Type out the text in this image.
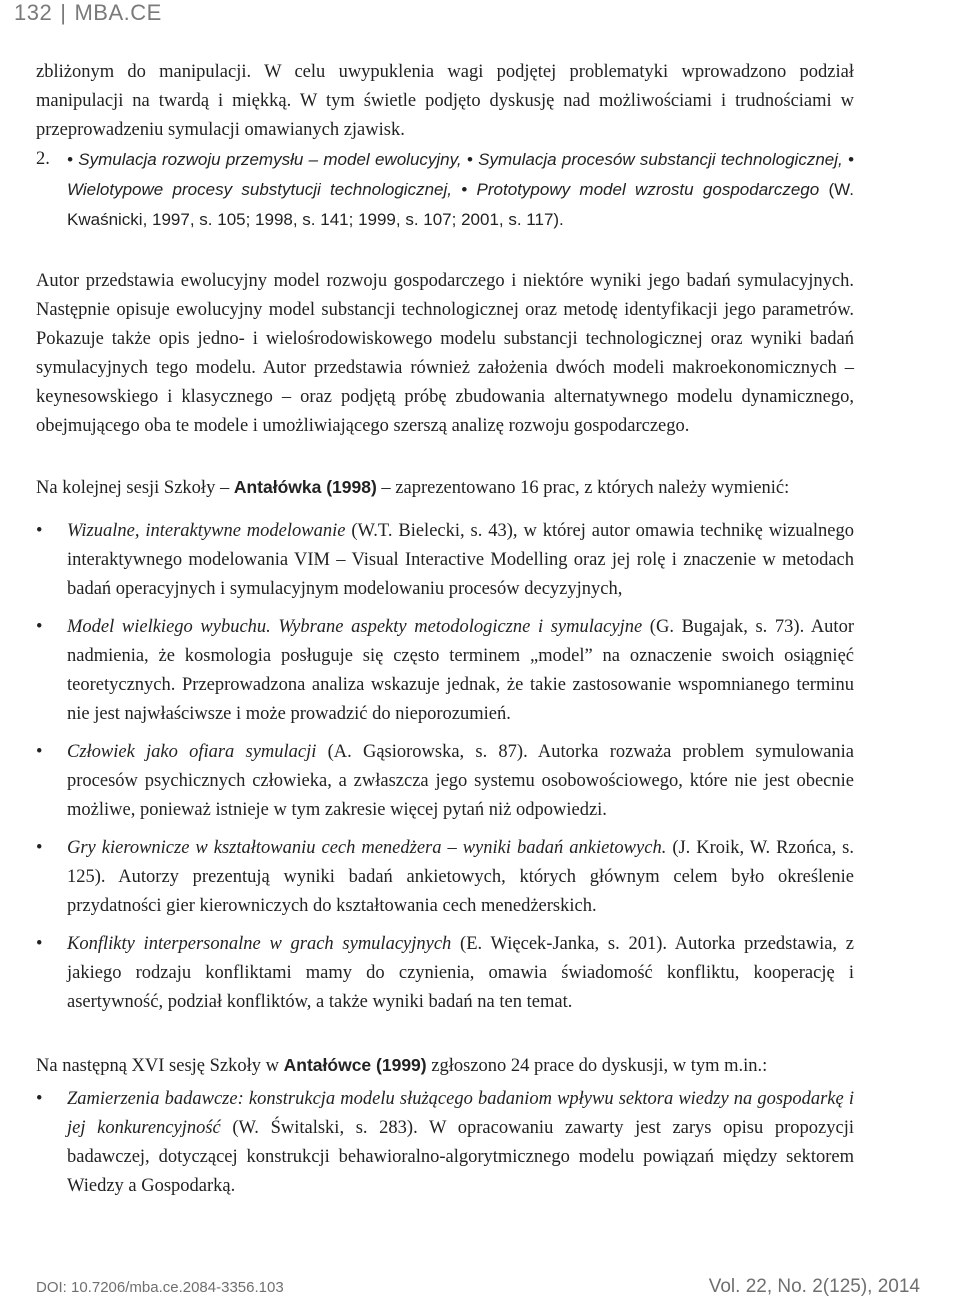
132 | MBA.CE

zbliżonym do manipulacji. W celu uwypuklenia wagi podjętej problematyki wprowadzono podział manipulacji na twardą i miękką. W tym świetle podjęto dyskusję nad możliwościami i trudnościami w przeprowadzeniu symulacji omawianych zjawisk.

2.	• Symulacja rozwoju przemysłu – model ewolucyjny, • Symulacja procesów substancji technologicznej, • Wielotypowe procesy substytucji technologicznej, • Prototypowy model wzrostu gospodarczego (W. Kwaśnicki, 1997, s. 105; 1998, s. 141; 1999, s. 107; 2001, s. 117).

Autor przedstawia ewolucyjny model rozwoju gospodarczego i niektóre wyniki jego badań symulacyjnych. Następnie opisuje ewolucyjny model substancji technologicznej oraz metodę identyfikacji jego parametrów. Pokazuje także opis jedno- i wielośrodowiskowego modelu substancji technologicznej oraz wyniki badań symulacyjnych tego modelu. Autor przedstawia również założenia dwóch modeli makroekonomicznych – keynesowskiego i klasycznego – oraz podjętą próbę zbudowania alternatywnego modelu dynamicznego, obejmującego oba te modele i umożliwiającego szerszą analizę rozwoju gospodarczego.

Na kolejnej sesji Szkoły – Antałówka (1998) – zaprezentowano 16 prac, z których należy wymienić:

•	Wizualne, interaktywne modelowanie (W.T. Bielecki, s. 43), w której autor omawia technikę wizualnego interaktywnego modelowania VIM – Visual Interactive Modelling oraz jej rolę i znaczenie w metodach badań operacyjnych i symulacyjnym modelowaniu procesów decyzyjnych,

•	Model wielkiego wybuchu. Wybrane aspekty metodologiczne i symulacyjne (G. Bugajak, s. 73). Autor nadmienia, że kosmologia posługuje się często terminem „model” na oznaczenie swoich osiągnięć teoretycznych. Przeprowadzona analiza wskazuje jednak, że takie zastosowanie wspomnianego terminu nie jest najwłaściwsze i może prowadzić do nieporozumień.

•	Człowiek jako ofiara symulacji (A. Gąsiorowska, s. 87). Autorka rozważa problem symulowania procesów psychicznych człowieka, a zwłaszcza jego systemu osobowościowego, które nie jest obecnie możliwe, ponieważ istnieje w tym zakresie więcej pytań niż odpowiedzi.

•	Gry kierownicze w kształtowaniu cech menedżera – wyniki badań ankietowych. (J. Kroik, W. Rzońca, s. 125). Autorzy prezentują wyniki badań ankietowych, których głównym celem było określenie przydatności gier kierowniczych do kształtowania cech menedżerskich.

•	Konflikty interpersonalne w grach symulacyjnych (E. Więcek-Janka, s. 201). Autorka przedstawia, z jakiego rodzaju konfliktami mamy do czynienia, omawia świadomość konfliktu, kooperację i asertywność, podział konfliktów, a także wyniki badań na ten temat.

Na następną XVI sesję Szkoły w Antałówce (1999) zgłoszono 24 prace do dyskusji, w tym m.in.:

•	Zamierzenia badawcze: konstrukcja modelu służącego badaniom wpływu sektora wiedzy na gospodarkę i jej konkurencyjność (W. Świtalski, s. 283). W opracowaniu zawarty jest zarys opisu propozycji badawczej, dotyczącej konstrukcji behawioralno-algorytmicznego modelu powiązań między sektorem Wiedzy a Gospodarką.

DOI: 10.7206/mba.ce.2084-3356.103	Vol. 22, No. 2(125), 2014
